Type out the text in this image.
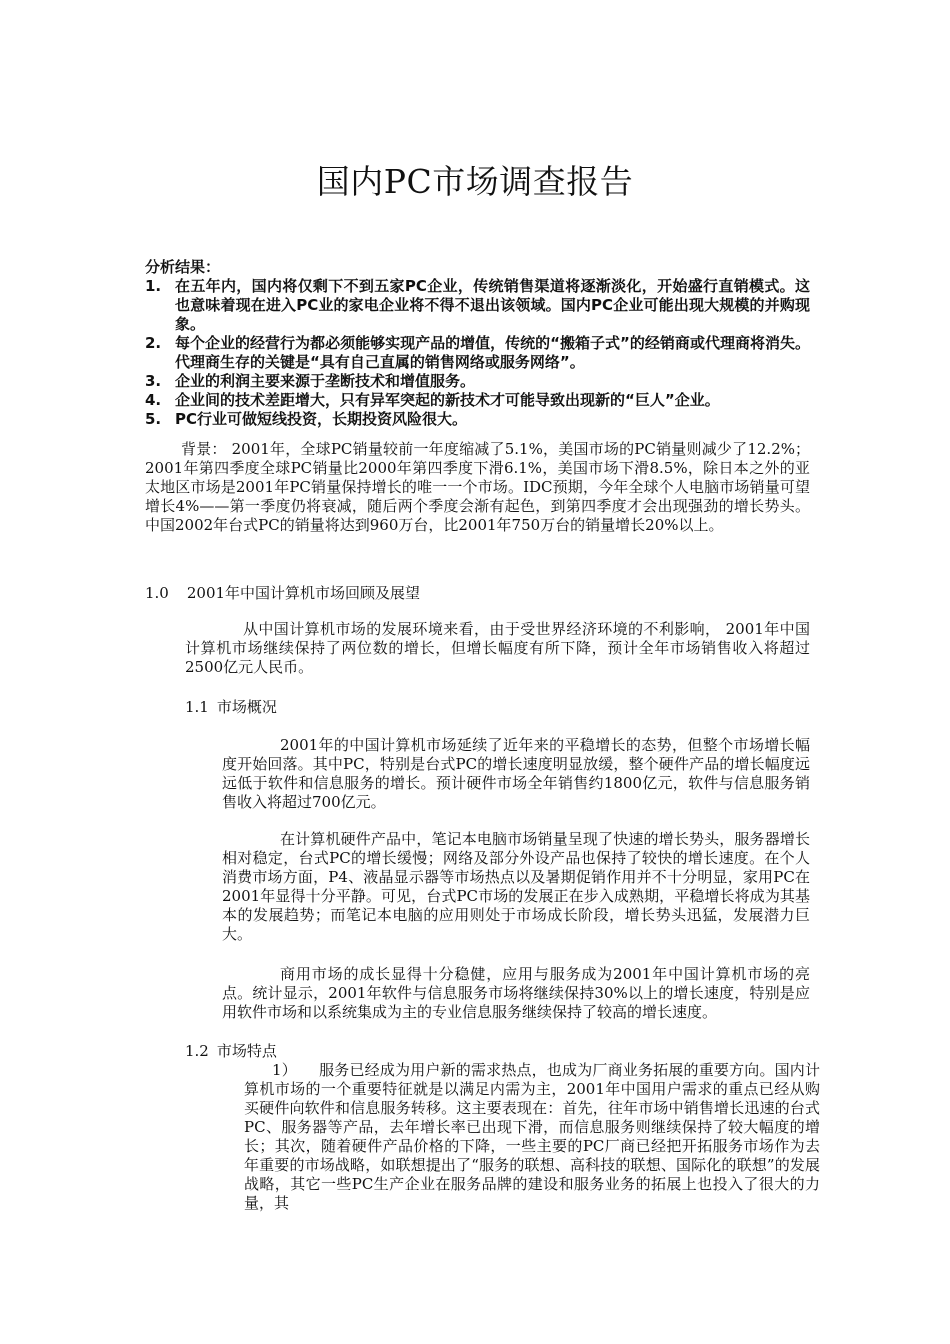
国内PC市场调查报告
分析结果：
1. 在五年内，国内将仅剩下不到五家PC企业，传统销售渠道将逐渐淡化，开始盛行直销模式。这也意味着现在进入PC业的家电企业将不得不退出该领域。国内PC企业可能出现大规模的并购现象。
2. 每个企业的经营行为都必须能够实现产品的增值，传统的“搬箱子式”的经销商或代理商将消失。代理商生存的关键是“具有自己直属的销售网络或服务网络”。
3. 企业的利润主要来源于垄断技术和增值服务。
4. 企业间的技术差距增大，只有异军突起的新技术才可能导致出现新的“巨人”企业。
5. PC行业可做短线投资，长期投资风险很大。
背景： 2001年，全球PC销量较前一年度缩减了5.1%，美国市场的PC销量则减少了12.2%；2001年第四季度全球PC销量比2000年第四季度下滑6.1%，美国市场下滑8.5%，除日本之外的亚太地区市场是2001年PC销量保持增长的唯一一个市场。IDC预期，今年全球个人电脑市场销量可望增长4%——第一季度仍将衰减，随后两个季度会渐有起色，到第四季度才会出现强劲的增长势头。中国2002年台式PC的销量将达到960万台，比2001年750万台的销量增长20%以上。
1.0 2001年中国计算机市场回顾及展望
从中国计算机市场的发展环境来看，由于受世界经济环境的不利影响， 2001年中国计算机市场继续保持了两位数的增长，但增长幅度有所下降，预计全年市场销售收入将超过2500亿元人民币。
1.1 市场概况
2001年的中国计算机市场延续了近年来的平稳增长的态势，但整个市场增长幅度开始回落。其中PC，特别是台式PC的增长速度明显放缓，整个硬件产品的增长幅度远远低于软件和信息服务的增长。预计硬件市场全年销售约1800亿元，软件与信息服务销售收入将超过700亿元。
在计算机硬件产品中，笔记本电脑市场销量呈现了快速的增长势头，服务器增长相对稳定，台式PC的增长缓慢；网络及部分外设产品也保持了较快的增长速度。在个人消费市场方面，P4、液晶显示器等市场热点以及暑期促销作用并不十分明显，家用PC在2001年显得十分平静。可见，台式PC市场的发展正在步入成熟期，平稳增长将成为其基本的发展趋势；而笔记本电脑的应用则处于市场成长阶段，增长势头迅猛，发展潜力巨大。
商用市场的成长显得十分稳健，应用与服务成为2001年中国计算机市场的亮点。统计显示，2001年软件与信息服务市场将继续保持30%以上的增长速度，特别是应用软件市场和以系统集成为主的专业信息服务继续保持了较高的增长速度。
1.2 市场特点
1） 服务已经成为用户新的需求热点，也成为厂商业务拓展的重要方向。国内计算机市场的一个重要特征就是以满足内需为主，2001年中国用户需求的重点已经从购买硬件向软件和信息服务转移。这主要表现在：首先，往年市场中销售增长迅速的台式PC、服务器等产品，去年增长率已出现下滑，而信息服务则继续保持了较大幅度的增长；其次，随着硬件产品价格的下降，一些主要的PC厂商已经把开拓服务市场作为去年重要的市场战略，如联想提出了“服务的联想、高科技的联想、国际化的联想”的发展战略，其它一些PC生产企业在服务品牌的建设和服务业务的拓展上也投入了很大的力量，其
